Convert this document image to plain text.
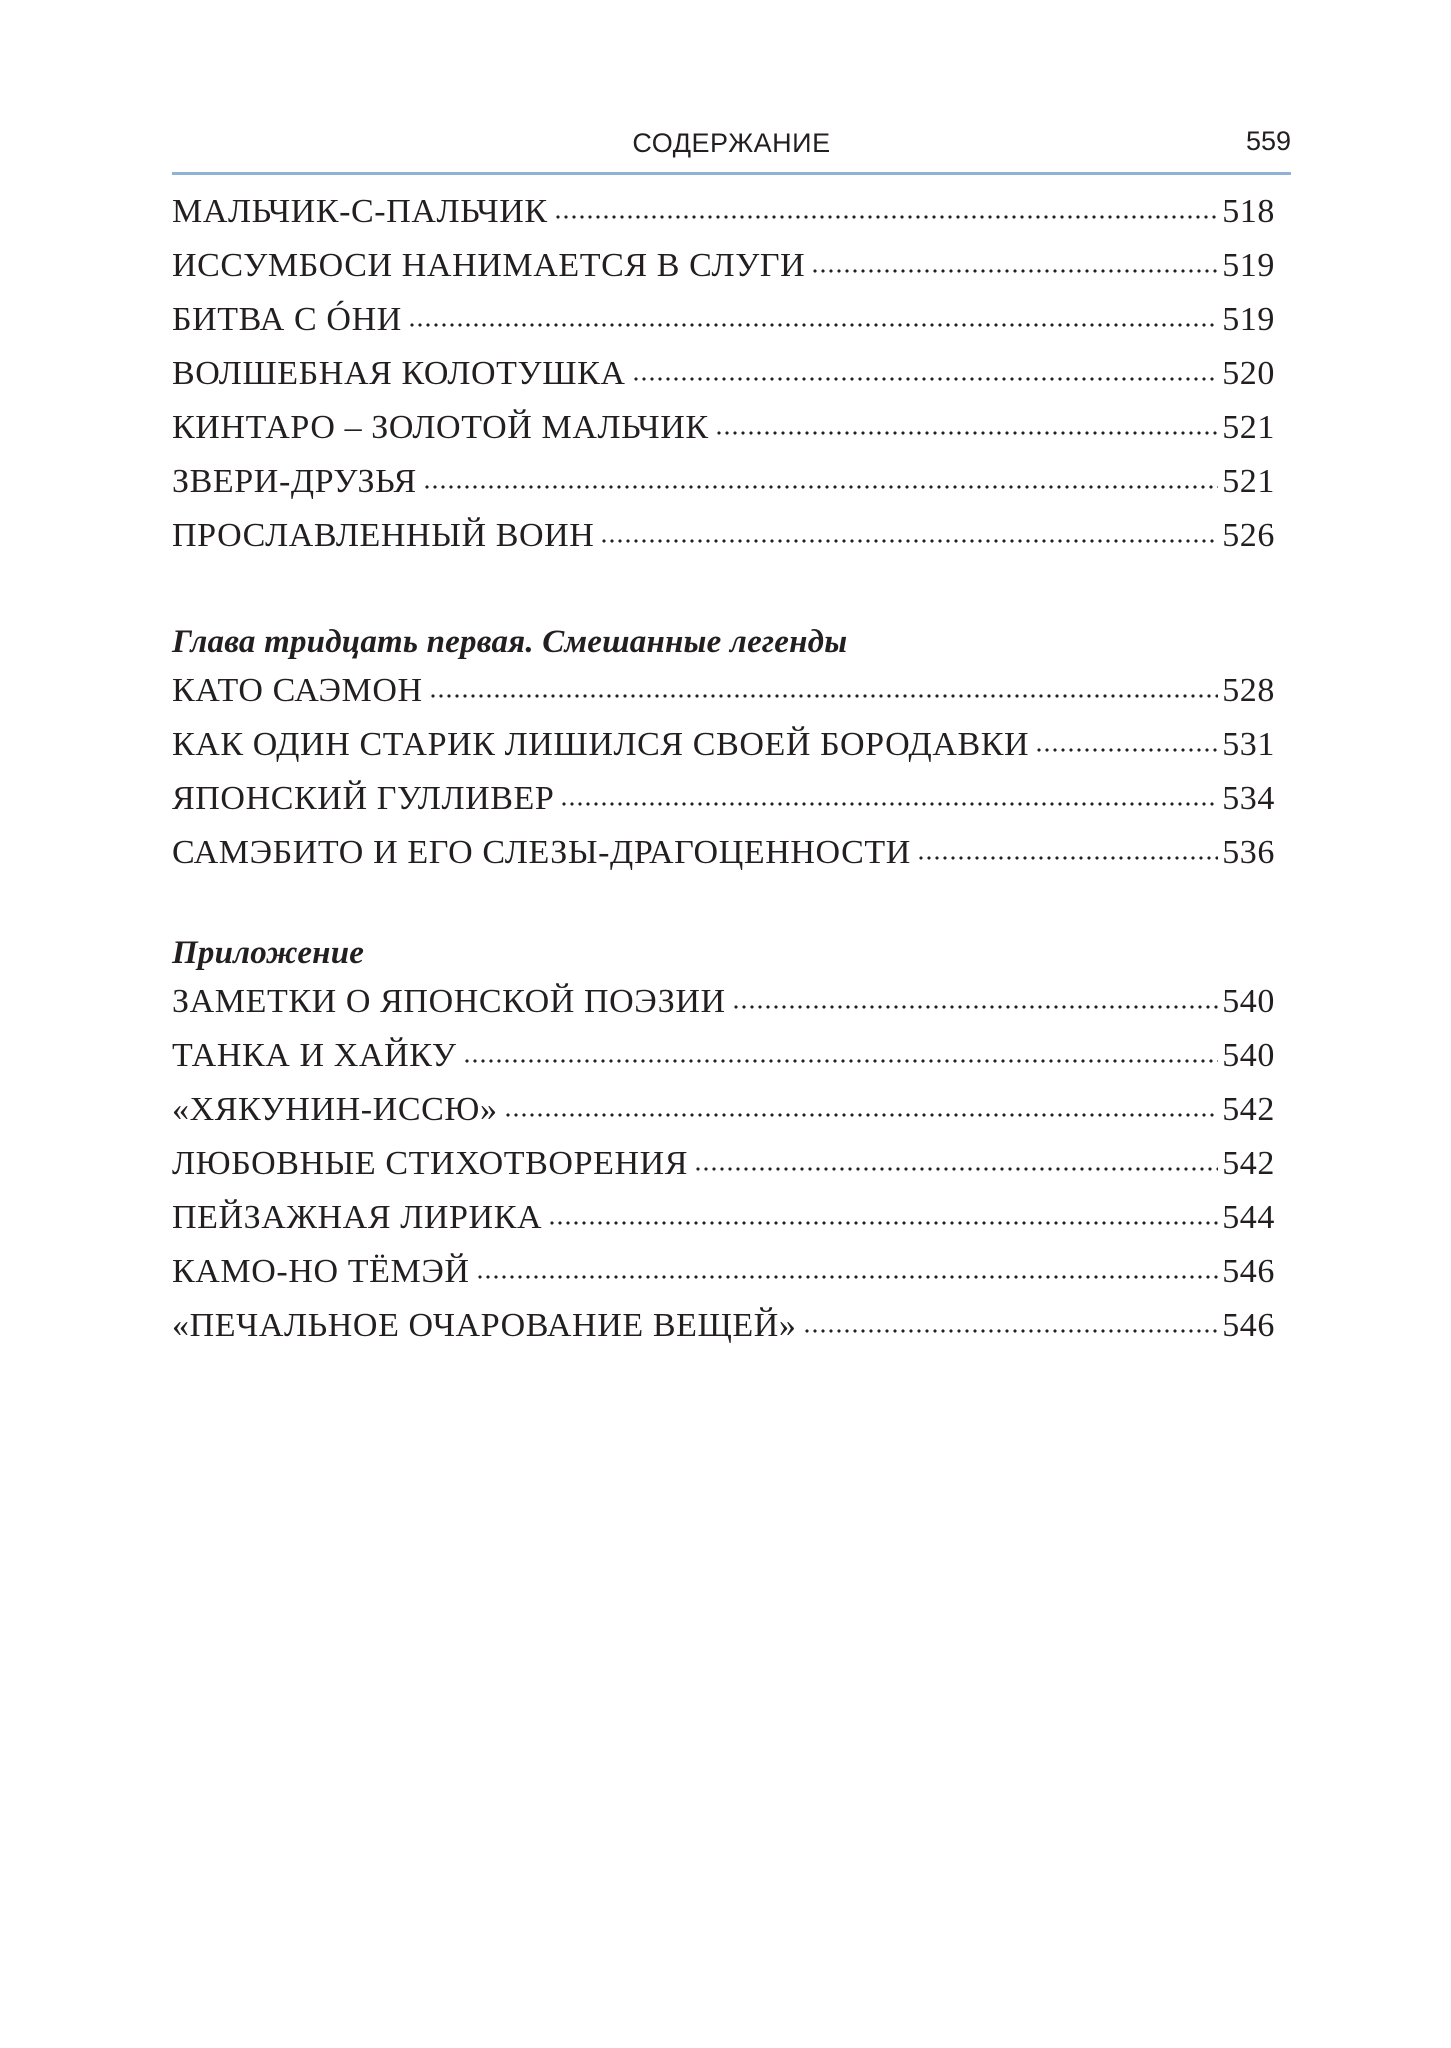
СОДЕРЖАНИЕ	559
МАЛЬЧИК-С-ПАЛЬЧИК	518
ИССУМБОСИ НАНИМАЕТСЯ В СЛУГИ	519
БИТВА С ÓНИ	519
ВОЛШЕБНАЯ КОЛОТУШКА	520
КИНТАРО – ЗОЛОТОЙ МАЛЬЧИК	521
ЗВЕРИ-ДРУЗЬЯ	521
ПРОСЛАВЛЕННЫЙ ВОИН	526
Глава тридцать первая. Смешанные легенды
КАТО САЭМОН	528
КАК ОДИН СТАРИК ЛИШИЛСЯ СВОЕЙ БОРОДАВКИ	531
ЯПОНСКИЙ ГУЛЛИВЕР	534
САМЭБИТО И ЕГО СЛЕЗЫ-ДРАГОЦЕННОСТИ	536
Приложение
ЗАМЕТКИ О ЯПОНСКОЙ ПОЭЗИИ	540
ТАНКА И ХАЙКУ	540
«ХЯКУНИН-ИССЮ»	542
ЛЮБОВНЫЕ СТИХОТВОРЕНИЯ	542
ПЕЙЗАЖНАЯ ЛИРИКА	544
КАМО-НО ТЁМЭЙ	546
«ПЕЧАЛЬНОЕ ОЧАРОВАНИЕ ВЕЩЕЙ»	546
